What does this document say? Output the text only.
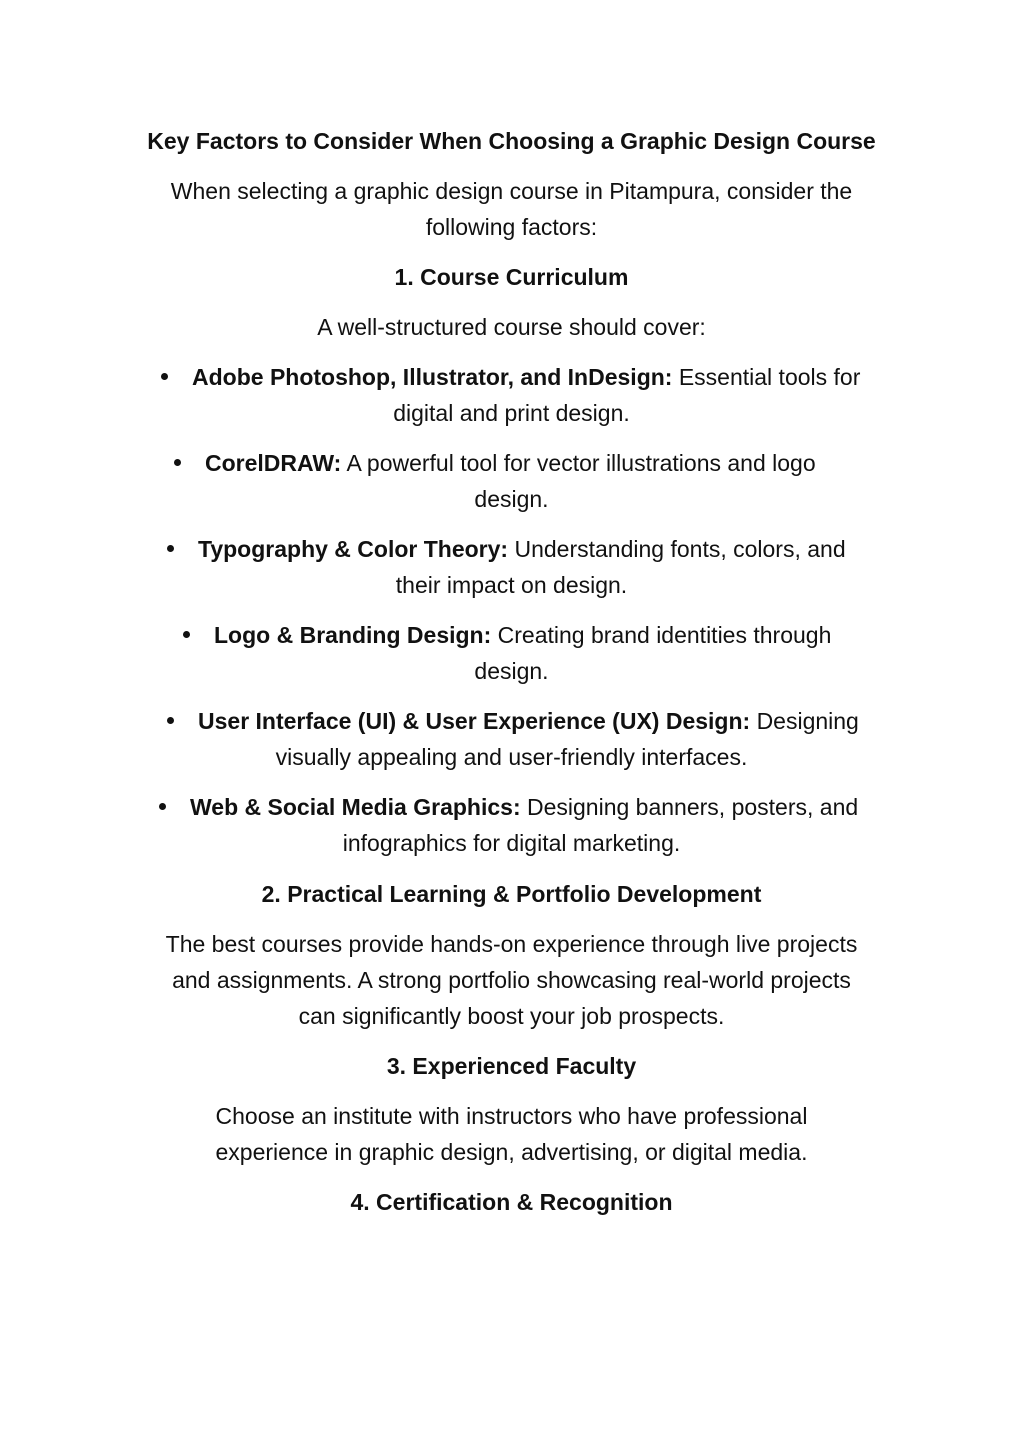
Key Factors to Consider When Choosing a Graphic Design Course
When selecting a graphic design course in Pitampura, consider the
following factors:
1. Course Curriculum
A well-structured course should cover:
Adobe Photoshop, Illustrator, and InDesign: Essential tools for
digital and print design.
CorelDRAW: A powerful tool for vector illustrations and logo
design.
Typography & Color Theory: Understanding fonts, colors, and
their impact on design.
Logo & Branding Design: Creating brand identities through
design.
User Interface (UI) & User Experience (UX) Design: Designing
visually appealing and user-friendly interfaces.
Web & Social Media Graphics: Designing banners, posters, and
infographics for digital marketing.
2. Practical Learning & Portfolio Development
The best courses provide hands-on experience through live projects
and assignments. A strong portfolio showcasing real-world projects
can significantly boost your job prospects.
3. Experienced Faculty
Choose an institute with instructors who have professional
experience in graphic design, advertising, or digital media.
4. Certification & Recognition
